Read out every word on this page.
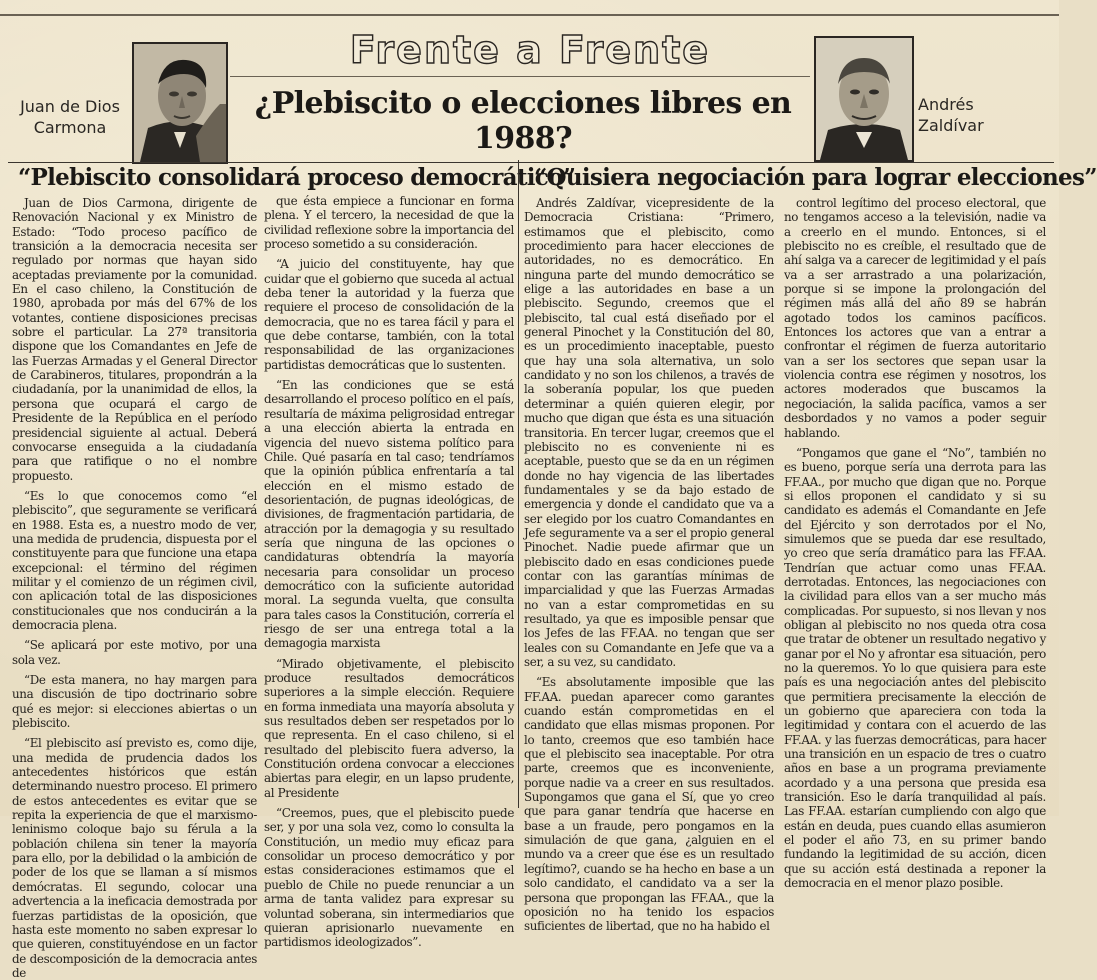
Frente a Frente
Juan de Dios Carmona
¿Plebiscito o elecciones libres en 1988?
Andrés Zaldívar
“Plebiscito consolidará proceso democrático”
“Quisiera negociación para lograr elecciones”

Juan de Dios Carmona, dirigente de Renovación Nacional y ex Ministro de Estado: “Todo proceso pacífico de transición a la democracia necesita ser regulado por normas que hayan sido aceptadas previamente por la comunidad. En el caso chileno, la Constitución de 1980, aprobada por más del 67% de los votantes, contiene disposiciones precisas sobre el particular. La 27ª transitoria dispone que los Comandantes en Jefe de las Fuerzas Armadas y el General Director de Carabineros, titulares, propondrán a la ciudadanía, por la unanimidad de ellos, la persona que ocupará el cargo de Presidente de la República en el período presidencial siguiente al actual. Deberá convocarse enseguida a la ciudadanía para que ratifique o no el nombre propuesto.

“Es lo que conocemos como “el plebiscito”, que seguramente se verificará en 1988. Esta es, a nuestro modo de ver, una medida de prudencia, dispuesta por el constituyente para que funcione una etapa excepcional: el término del régimen militar y el comienzo de un régimen civil, con aplicación total de las disposiciones constitucionales que nos conducirán a la democracia plena.

“Se aplicará por este motivo, por una sola vez.

“De esta manera, no hay margen para una discusión de tipo doctrinario sobre qué es mejor: si elecciones abiertas o un plebiscito.

“El plebiscito así previsto es, como dije, una medida de prudencia dados los antecedentes históricos que están determinando nuestro proceso. El primero de estos antecedentes es evitar que se repita la experiencia de que el marxismo-leninismo coloque bajo su férula a la población chilena sin tener la mayoría para ello, por la debilidad o la ambición de poder de los que se llaman a sí mismos demócratas. El segundo, colocar una advertencia a la ineficacia demostrada por fuerzas partidistas de la oposición, que hasta este momento no saben expresar lo que quieren, constituyéndose en un factor de descomposición de la democracia antes de

que ésta empiece a funcionar en forma plena. Y el tercero, la necesidad de que la civilidad reflexione sobre la importancia del proceso sometido a su consideración.

“A juicio del constituyente, hay que cuidar que el gobierno que suceda al actual deba tener la autoridad y la fuerza que requiere el proceso de consolidación de la democracia, que no es tarea fácil y para el que debe contarse, también, con la total responsabilidad de las organizaciones partidistas democráticas que lo sustenten.

“En las condiciones que se está desarrollando el proceso político en el país, resultaría de máxima peligrosidad entregar a una elección abierta la entrada en vigencia del nuevo sistema político para Chile. Qué pasaría en tal caso; tendríamos que la opinión pública enfrentaría a tal elección en el mismo estado de desorientación, de pugnas ideológicas, de divisiones, de fragmentación partidaria, de atracción por la demagogia y su resultado sería que ninguna de las opciones o candidaturas obtendría la mayoría necesaria para consolidar un proceso democrático con la suficiente autoridad moral. La segunda vuelta, que consulta para tales casos la Constitución, correría el riesgo de ser una entrega total a la demagogia marxista

“Mirado objetivamente, el plebiscito produce resultados democráticos superiores a la simple elección. Requiere en forma inmediata una mayoría absoluta y sus resultados deben ser respetados por lo que representa. En el caso chileno, si el resultado del plebiscito fuera adverso, la Constitución ordena convocar a elecciones abiertas para elegir, en un lapso prudente, al Presidente

“Creemos, pues, que el plebiscito puede ser, y por una sola vez, como lo consulta la Constitución, un medio muy eficaz para consolidar un proceso democrático y por estas consideraciones estimamos que el pueblo de Chile no puede renunciar a un arma de tanta validez para expresar su voluntad soberana, sin intermediarios que quieran aprisionarlo nuevamente en partidismos ideologizados”.

Andrés Zaldívar, vicepresidente de la Democracia Cristiana: “Primero, estimamos que el plebiscito, como procedimiento para hacer elecciones de autoridades, no es democrático. En ninguna parte del mundo democrático se elige a las autoridades en base a un plebiscito. Segundo, creemos que el plebiscito, tal cual está diseñado por el general Pinochet y la Constitución del 80, es un procedimiento inaceptable, puesto que hay una sola alternativa, un solo candidato y no son los chilenos, a través de la soberanía popular, los que pueden determinar a quién quieren elegir, por mucho que digan que ésta es una situación transitoria. En tercer lugar, creemos que el plebiscito no es conveniente ni es aceptable, puesto que se da en un régimen donde no hay vigencia de las libertades fundamentales y se da bajo estado de emergencia y donde el candidato que va a ser elegido por los cuatro Comandantes en Jefe seguramente va a ser el propio general Pinochet. Nadie puede afirmar que un plebiscito dado en esas condiciones puede contar con las garantías mínimas de imparcialidad y que las Fuerzas Armadas no van a estar comprometidas en su resultado, ya que es imposible pensar que los Jefes de las FF.AA. no tengan que ser leales con su Comandante en Jefe que va a ser, a su vez, su candidato.

“Es absolutamente imposible que las FF.AA. puedan aparecer como garantes cuando están comprometidas en el candidato que ellas mismas proponen. Por lo tanto, creemos que eso también hace que el plebiscito sea inaceptable. Por otra parte, creemos que es inconveniente, porque nadie va a creer en sus resultados. Supongamos que gana el Sí, que yo creo que para ganar tendría que hacerse en base a un fraude, pero pongamos en la simulación de que gana, ¿alguien en el mundo va a creer que ése es un resultado legítimo?, cuando se ha hecho en base a un solo candidato, el candidato va a ser la persona que propongan las FF.AA., que la oposición no ha tenido los espacios suficientes de libertad, que no ha habido el

control legítimo del proceso electoral, que no tengamos acceso a la televisión, nadie va a creerlo en el mundo. Entonces, si el plebiscito no es creíble, el resultado que de ahí salga va a carecer de legitimidad y el país va a ser arrastrado a una polarización, porque si se impone la prolongación del régimen más allá del año 89 se habrán agotado todos los caminos pacíficos. Entonces los actores que van a entrar a confrontar el régimen de fuerza autoritario van a ser los sectores que sepan usar la violencia contra ese régimen y nosotros, los actores moderados que buscamos la negociación, la salida pacífica, vamos a ser desbordados y no vamos a poder seguir hablando.

“Pongamos que gane el “No”, también no es bueno, porque sería una derrota para las FF.AA., por mucho que digan que no. Porque si ellos proponen el candidato y si su candidato es además el Comandante en Jefe del Ejército y son derrotados por el No, simulemos que se pueda dar ese resultado, yo creo que sería dramático para las FF.AA. Tendrían que actuar como unas FF.AA. derrotadas. Entonces, las negociaciones con la civilidad para ellos van a ser mucho más complicadas. Por supuesto, si nos llevan y nos obligan al plebiscito no nos queda otra cosa que tratar de obtener un resultado negativo y ganar por el No y afrontar esa situación, pero no la queremos. Yo lo que quisiera para este país es una negociación antes del plebiscito que permitiera precisamente la elección de un gobierno que apareciera con toda la legitimidad y contara con el acuerdo de las FF.AA. y las fuerzas democráticas, para hacer una transición en un espacio de tres o cuatro años en base a un programa previamente acordado y a una persona que presida esa transición. Eso le daría tranquilidad al país. Las FF.AA. estarían cumpliendo con algo que están en deuda, pues cuando ellas asumieron el poder el año 73, en su primer bando fundando la legitimidad de su acción, dicen que su acción está destinada a reponer la democracia en el menor plazo posible.
